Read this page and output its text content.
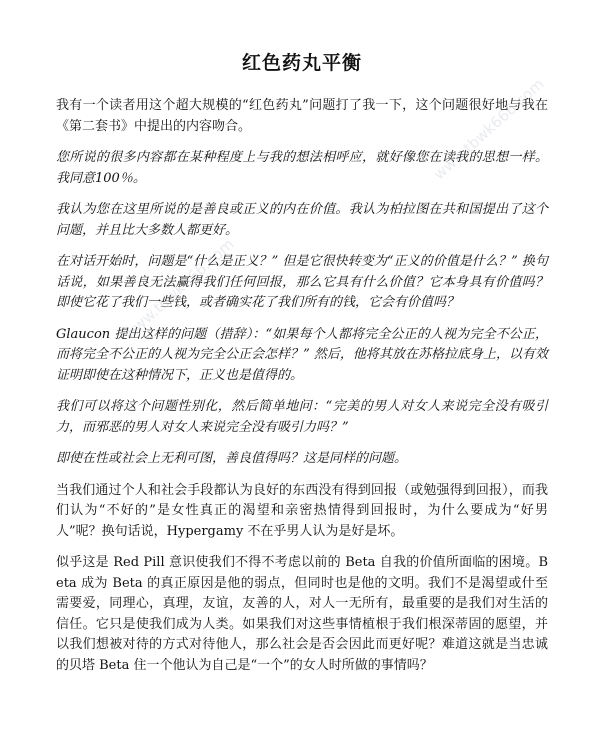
www.tbwk666.com
www.tbwk666.com
红色药丸平衡

我有一个读者用这个超大规模的“红色药丸”问题打了我一下，这个问题很好地与我在《第二套书》中提出的内容吻合。

您所说的很多内容都在某种程度上与我的想法相呼应，就好像您在读我的思想一样。我同意100％。

我认为您在这里所说的是善良或正义的内在价值。我认为柏拉图在共和国提出了这个问题，并且比大多数人都更好。

在对话开始时，问题是“什么是正义？” 但是它很快转变为“正义的价值是什么？” 换句话说，如果善良无法赢得我们任何回报，那么它具有什么价值？它本身具有价值吗？即使它花了我们一些钱，或者确实花了我们所有的钱，它会有价值吗？

Glaucon 提出这样的问题（措辞）：“如果每个人都将完全公正的人视为完全不公正，而将完全不公正的人视为完全公正会怎样？” 然后，他将其放在苏格拉底身上，以有效证明即使在这种情况下，正义也是值得的。

我们可以将这个问题性别化，然后简单地问：“完美的男人对女人来说完全没有吸引力，而邪恶的男人对女人来说完全没有吸引力吗？”

即使在性或社会上无利可图，善良值得吗？这是同样的问题。

当我们通过个人和社会手段都认为良好的东西没有得到回报（或勉强得到回报），而我们认为“不好的”是女性真正的渴望和亲密热情得到回报时，为什么要成为“好男人”呢？换句话说，Hypergamy 不在乎男人认为是好是坏。

似乎这是 Red Pill 意识使我们不得不考虑以前的 Beta 自我的价值所面临的困境。Beta 成为 Beta 的真正原因是他的弱点，但同时也是他的文明。我们不是渴望或什至需要爱，同理心，真理，友谊，友善的人，对人一无所有，最重要的是我们对生活的信任。它只是使我们成为人类。如果我们对这些事情植根于我们根深蒂固的愿望，并以我们想被对待的方式对待他人，那么社会是否会因此而更好呢？难道这就是当忠诚的贝塔 Beta 住一个他认为自己是“一个”的女人时所做的事情吗？
